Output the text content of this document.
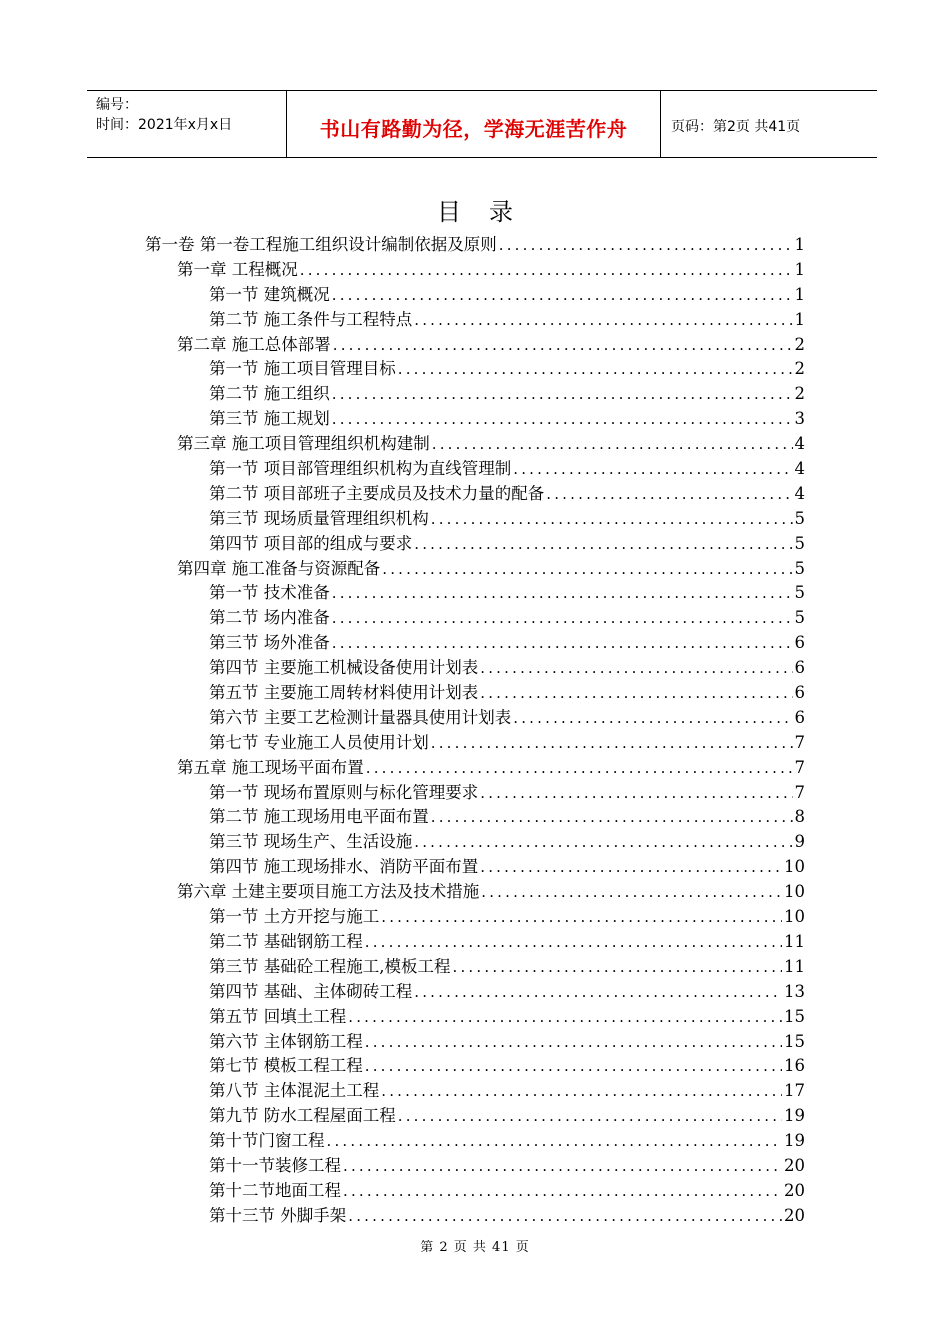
编号：
时间：2021年x月x日	书山有路勤为径，学海无涯苦作舟	页码：第2页 共41页
目录
第一卷 第一卷工程施工组织设计编制依据及原则 .....	1
第一章 工程概况 .....	1
第一节 建筑概况 .....	1
第二节 施工条件与工程特点 .....	1
第二章 施工总体部署 .....	2
第一节 施工项目管理目标 .....	2
第二节 施工组织 .....	2
第三节 施工规划 .....	3
第三章 施工项目管理组织机构建制 .....	4
第一节 项目部管理组织机构为直线管理制 .....	4
第二节 项目部班子主要成员及技术力量的配备 .....	4
第三节 现场质量管理组织机构 .....	5
第四节 项目部的组成与要求 .....	5
第四章 施工准备与资源配备 .....	5
第一节 技术准备 .....	5
第二节 场内准备 .....	5
第三节 场外准备 .....	6
第四节 主要施工机械设备使用计划表 .....	6
第五节 主要施工周转材料使用计划表 .....	6
第六节 主要工艺检测计量器具使用计划表 .....	6
第七节 专业施工人员使用计划 .....	7
第五章 施工现场平面布置 .....	7
第一节 现场布置原则与标化管理要求 .....	7
第二节 施工现场用电平面布置 .....	8
第三节 现场生产、生活设施 .....	9
第四节 施工现场排水、消防平面布置 .....	10
第六章 土建主要项目施工方法及技术措施 .....	10
第一节 土方开挖与施工 .....	10
第二节 基础钢筋工程 .....	11
第三节 基础砼工程施工,模板工程 .....	11
第四节 基础、主体砌砖工程 .....	13
第五节 回填土工程 .....	15
第六节 主体钢筋工程 .....	15
第七节 模板工程工程 .....	16
第八节 主体混泥土工程 .....	17
第九节 防水工程屋面工程 .....	19
第十节门窗工程 .....	19
第十一节装修工程 .....	20
第十二节地面工程 .....	20
第十三节 外脚手架 .....	20
第 2 页 共 41 页
